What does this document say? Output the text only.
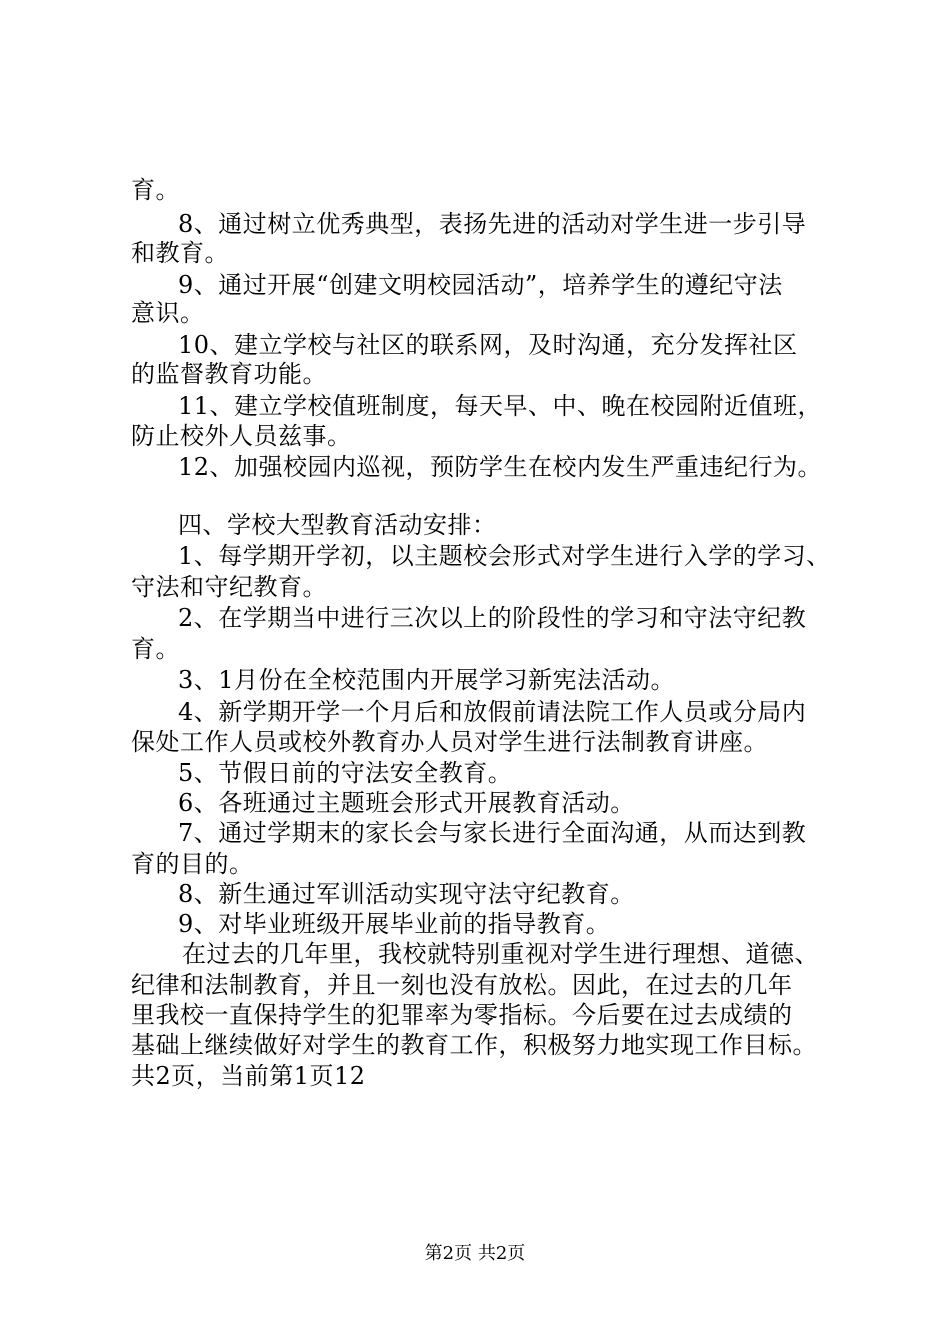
育。
8、通过树立优秀典型，表扬先进的活动对学生进一步引导
和教育。
9、通过开展“创建文明校园活动”，培养学生的遵纪守法
意识。
10、建立学校与社区的联系网，及时沟通，充分发挥社区
的监督教育功能。
11、建立学校值班制度，每天早、中、晚在校园附近值班，
防止校外人员兹事。
12、加强校园内巡视，预防学生在校内发生严重违纪行为。
四、学校大型教育活动安排：
1、每学期开学初，以主题校会形式对学生进行入学的学习、
守法和守纪教育。
2、在学期当中进行三次以上的阶段性的学习和守法守纪教
育。
3、1月份在全校范围内开展学习新宪法活动。
4、新学期开学一个月后和放假前请法院工作人员或分局内
保处工作人员或校外教育办人员对学生进行法制教育讲座。
5、节假日前的守法安全教育。
6、各班通过主题班会形式开展教育活动。
7、通过学期末的家长会与家长进行全面沟通，从而达到教
育的目的。
8、新生通过军训活动实现守法守纪教育。
9、对毕业班级开展毕业前的指导教育。
在过去的几年里，我校就特别重视对学生进行理想、道德、
纪律和法制教育，并且一刻也没有放松。因此，在过去的几年
里我校一直保持学生的犯罪率为零指标。今后要在过去成绩的
基础上继续做好对学生的教育工作，积极努力地实现工作目标。
共2页，当前第1页12
第2页 共2页
